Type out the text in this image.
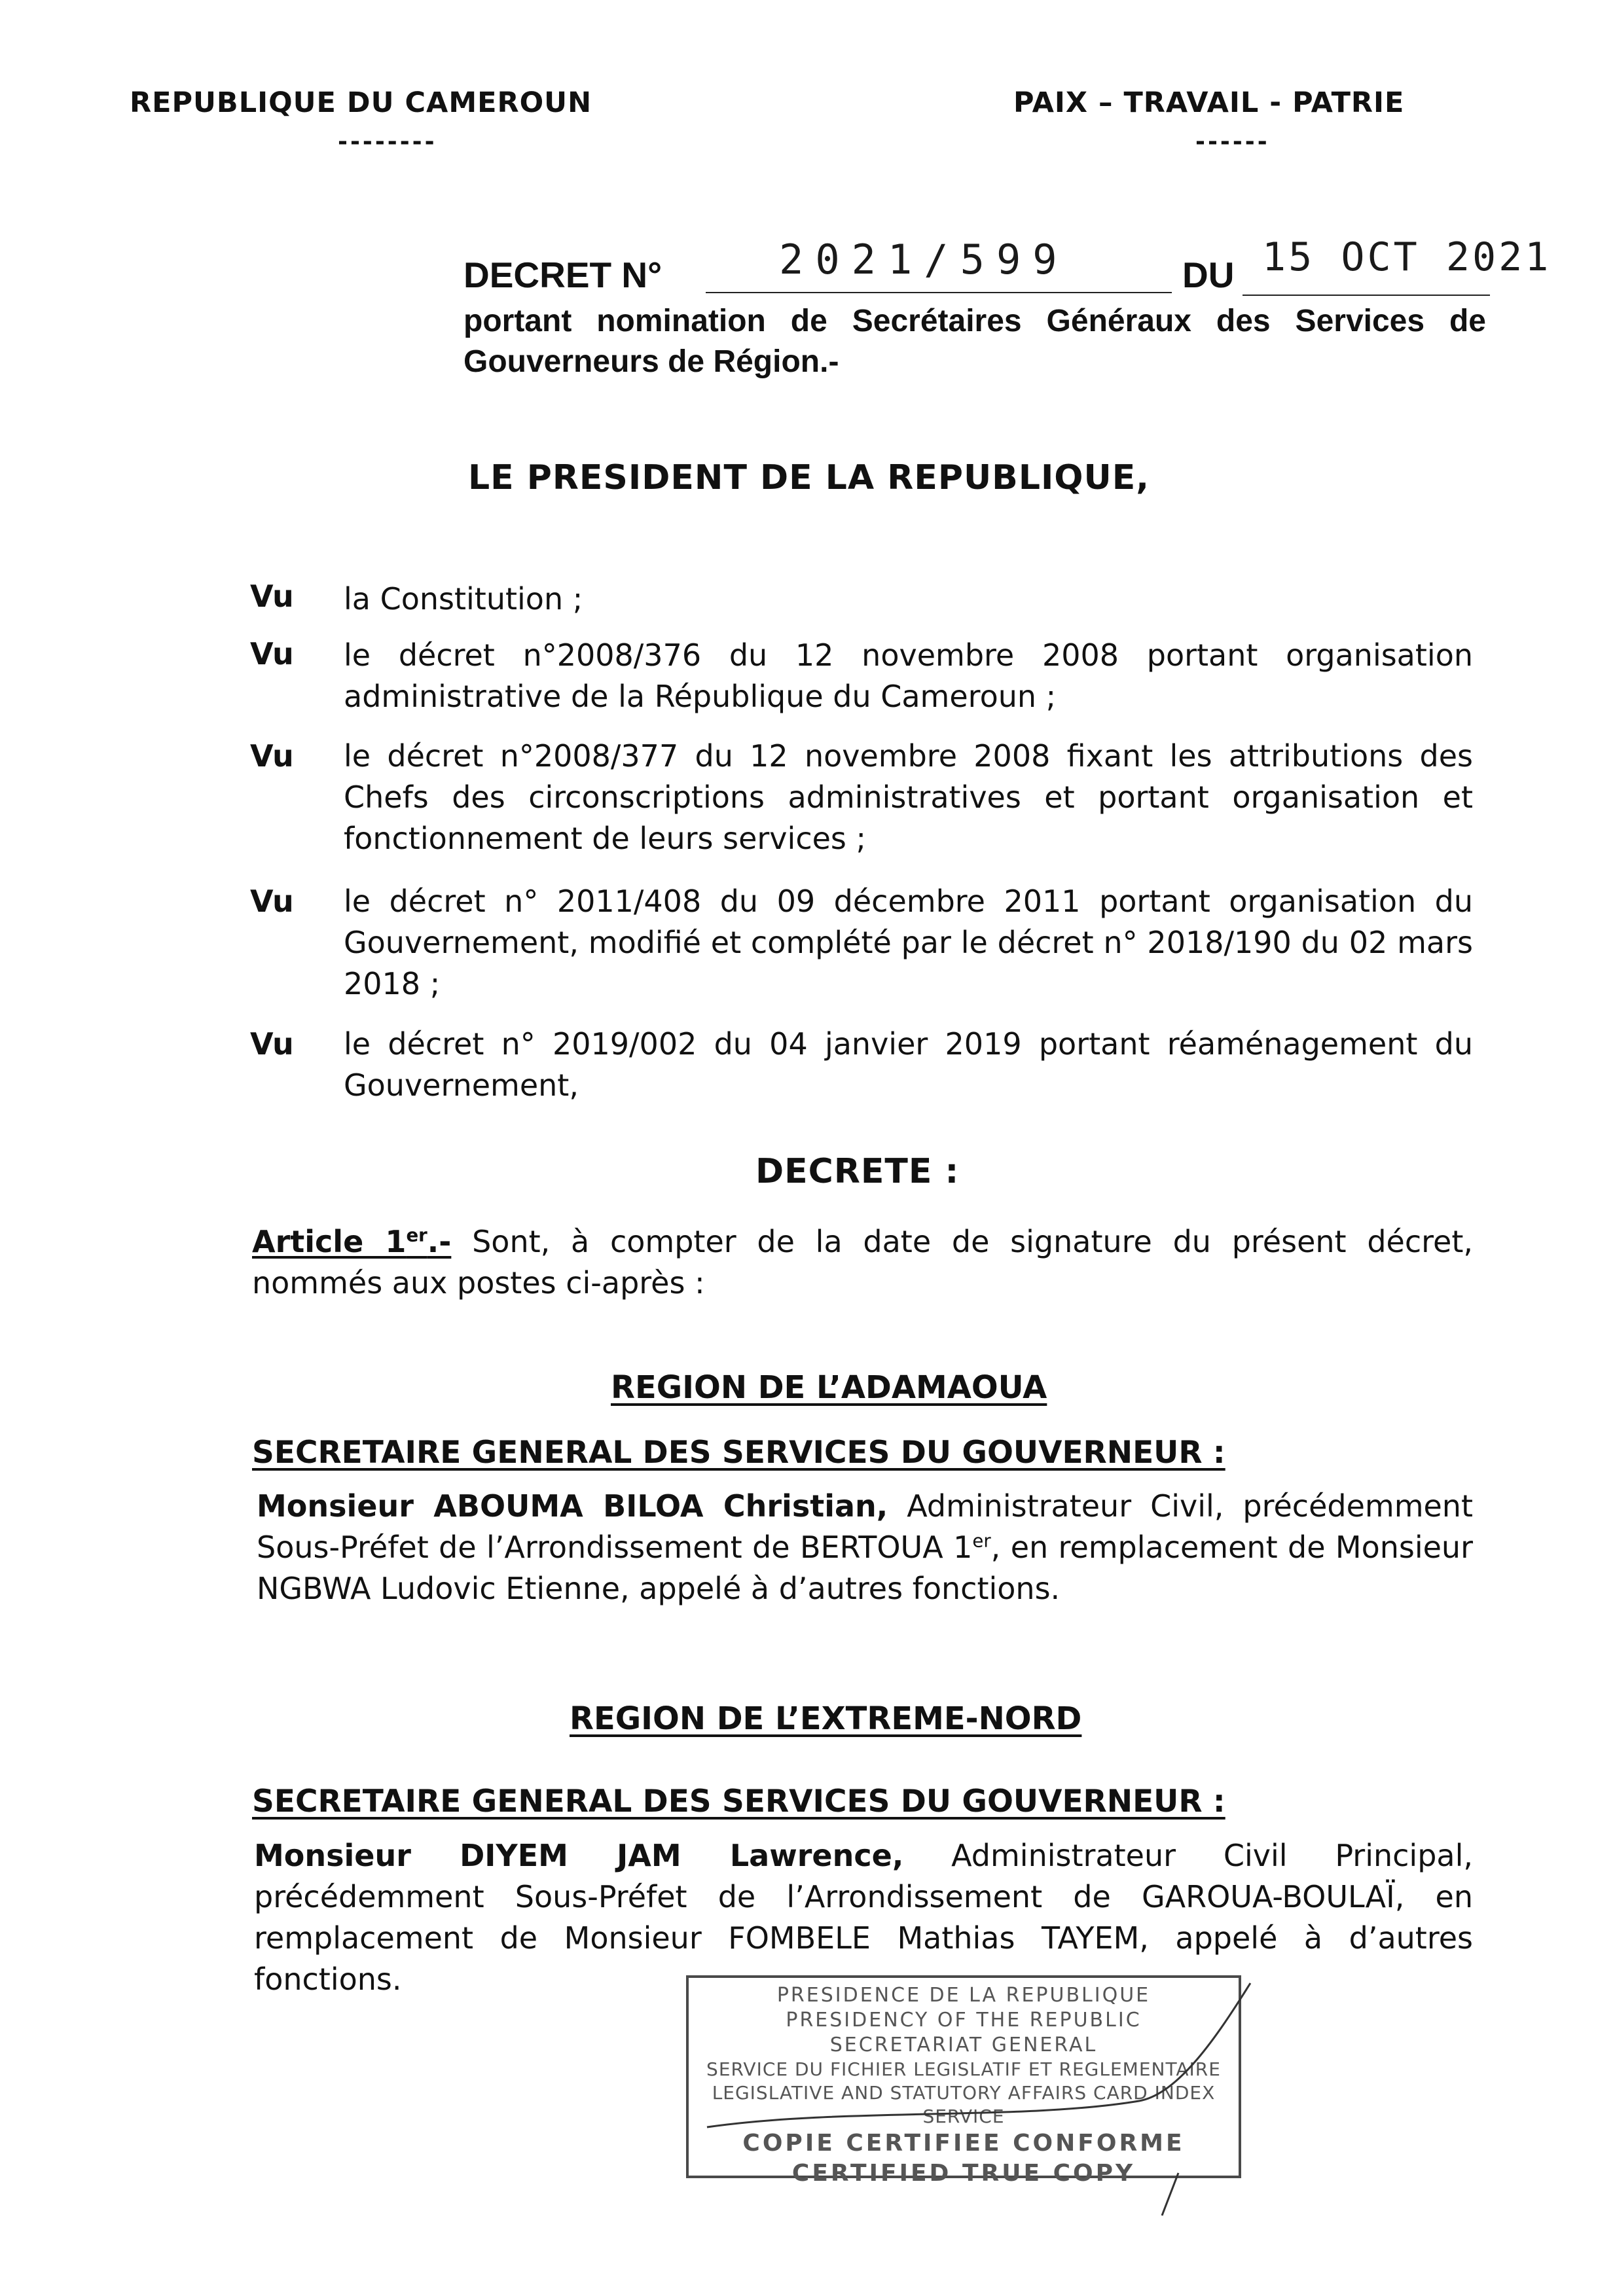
REPUBLIQUE DU CAMEROUN
--------
PAIX – TRAVAIL - PATRIE
------
DECRET N°	2021/599	DU 15 OCT 2021
portant nomination de Secrétaires Généraux des Services de Gouverneurs de Région.-
LE PRESIDENT DE LA REPUBLIQUE,
Vu la Constitution ;
Vu le décret n°2008/376 du 12 novembre 2008 portant organisation administrative de la République du Cameroun ;
Vu le décret n°2008/377 du 12 novembre 2008 fixant les attributions des Chefs des circonscriptions administratives et portant organisation et fonctionnement de leurs services ;
Vu le décret n° 2011/408 du 09 décembre 2011 portant organisation du Gouvernement, modifié et complété par le décret n° 2018/190 du 02 mars 2018 ;
Vu le décret n° 2019/002 du 04 janvier 2019 portant réaménagement du Gouvernement,
DECRETE :
Article 1er.- Sont, à compter de la date de signature du présent décret, nommés aux postes ci-après :
REGION DE L’ADAMAOUA
SECRETAIRE GENERAL DES SERVICES DU GOUVERNEUR :
Monsieur ABOUMA BILOA Christian, Administrateur Civil, précédemment Sous-Préfet de l’Arrondissement de BERTOUA 1er, en remplacement de Monsieur NGBWA Ludovic Etienne, appelé à d’autres fonctions.
REGION DE L’EXTREME-NORD
SECRETAIRE GENERAL DES SERVICES DU GOUVERNEUR :
Monsieur DIYEM JAM Lawrence, Administrateur Civil Principal, précédemment Sous-Préfet de l’Arrondissement de GAROUA-BOULAÏ, en remplacement de Monsieur FOMBELE Mathias TAYEM, appelé à d’autres fonctions.	PRESIDENCE DE LA REPUBLIQUE
PRESIDENCY OF THE REPUBLIC
SECRETARIAT GENERAL
SERVICE DU FICHIER LEGISLATIF ET REGLEMENTAIRE
LEGISLATIVE AND STATUTORY AFFAIRS CARD INDEX SERVICE
COPIE CERTIFIEE CONFORME
CERTIFIED TRUE COPY
